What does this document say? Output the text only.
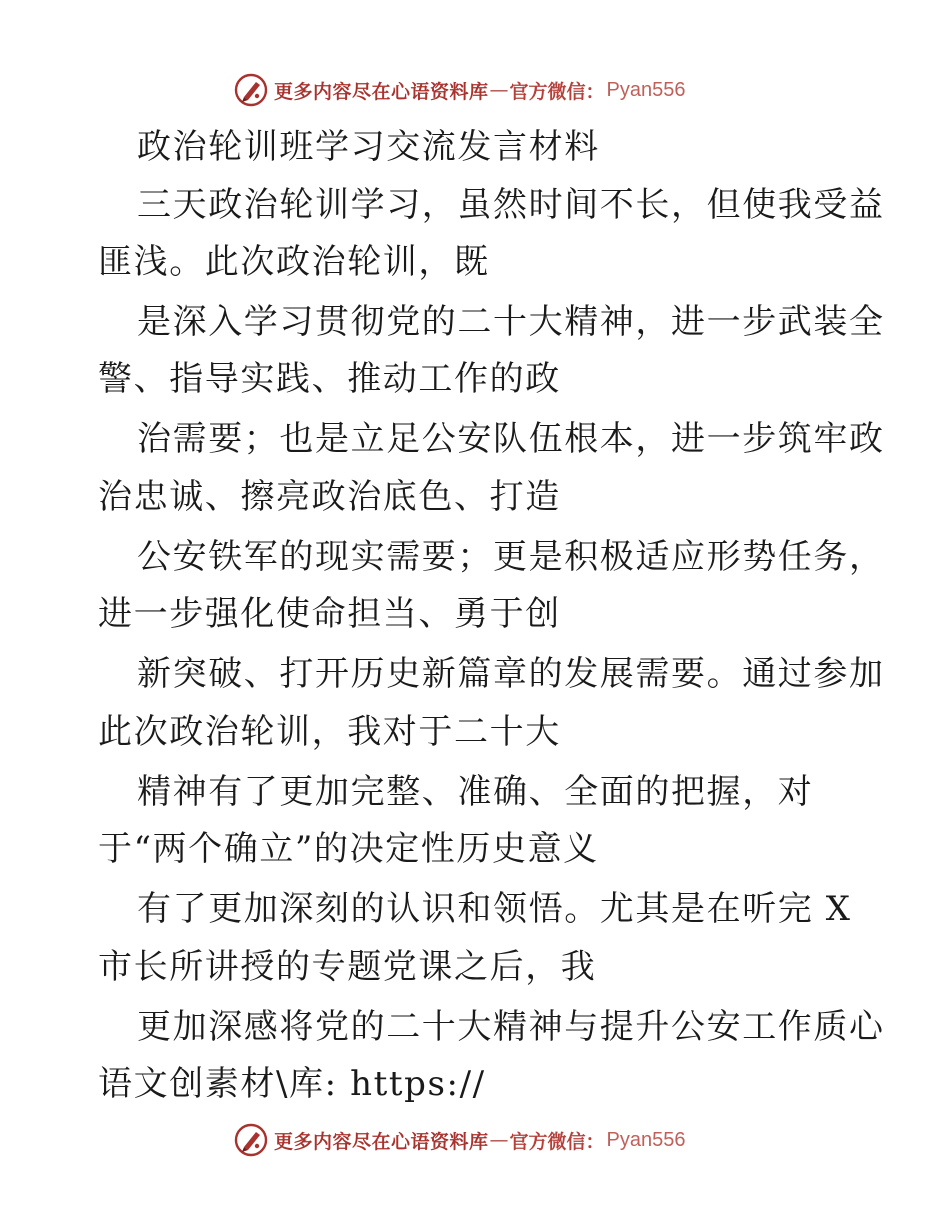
更多内容尽在心语资料库 — 官方微信： Pyan556

政治轮训班学习交流发言材料

三天政治轮训学习，虽然时间不长，但使我受益

匪浅。此次政治轮训，既

是深入学习贯彻党的二十大精神，进一步武装全

警、指导实践、推动工作的政

治需要；也是立足公安队伍根本，进一步筑牢政

治忠诚、擦亮政治底色、打造

公安铁军的现实需要；更是积极适应形势任务，

进一步强化使命担当、勇于创

新突破、打开历史新篇章的发展需要。通过参加

此次政治轮训，我对于二十大

精神有了更加完整、准确、全面的把握，对

于“两个确立”的决定性历史意义

有了更加深刻的认识和领悟。尤其是在听完 X

市长所讲授的专题党课之后，我

更加深感将党的二十大精神与提升公安工作质心

语文创素材\库: https://

更多内容尽在心语资料库 — 官方微信： Pyan556
